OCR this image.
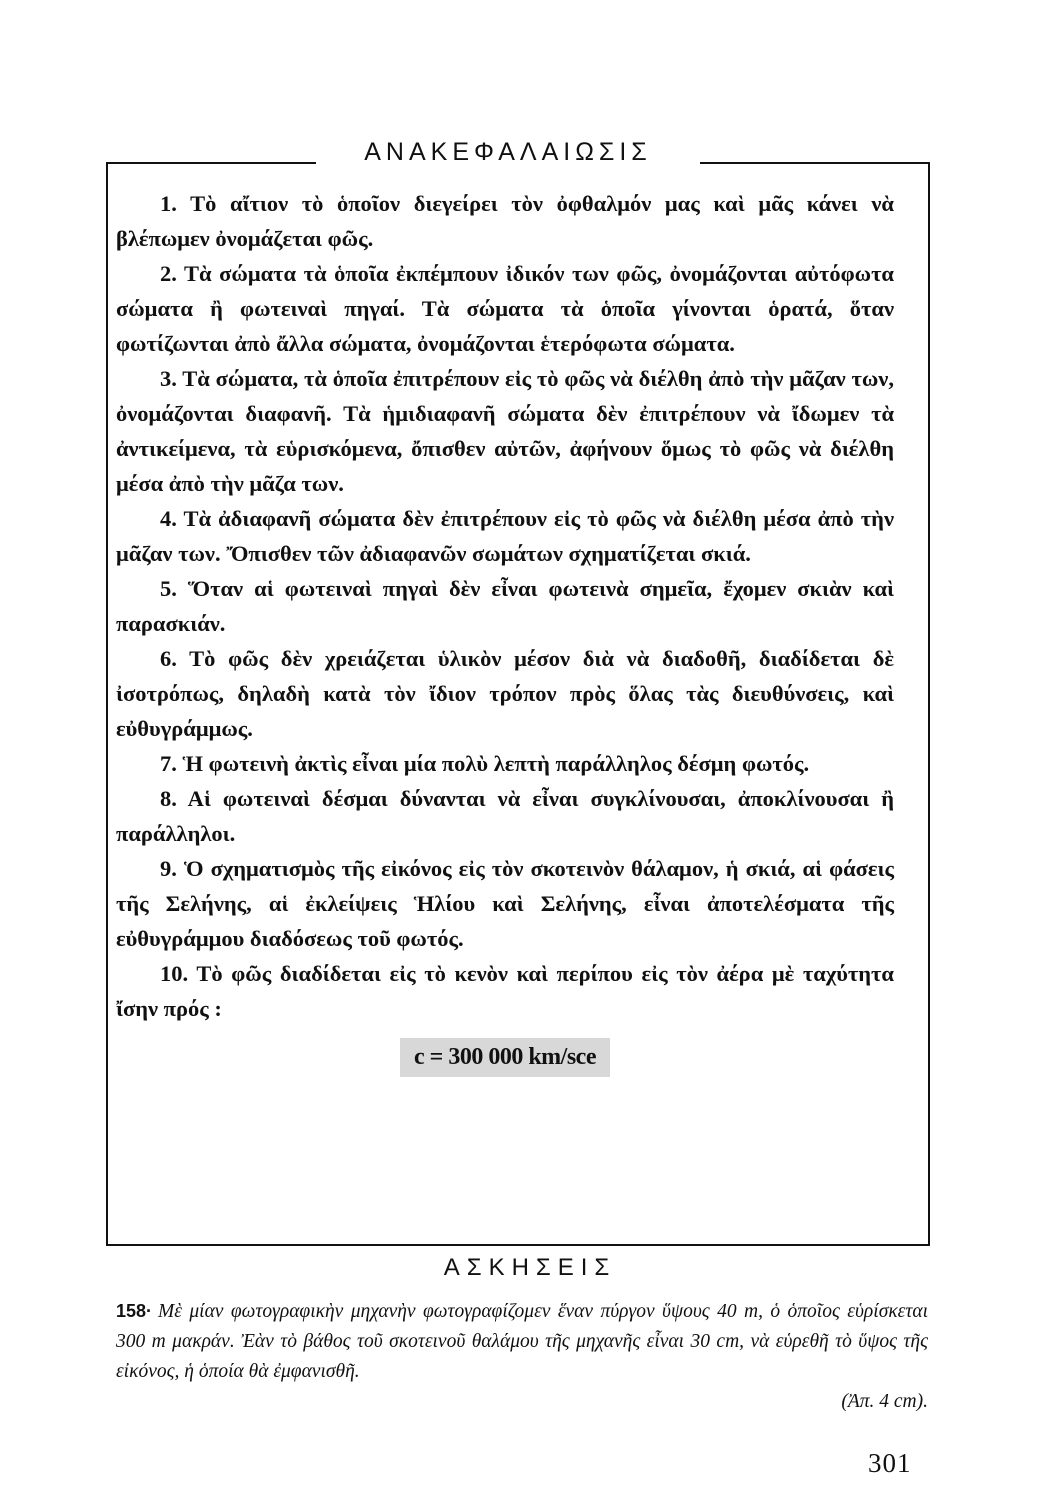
ΑΝΑΚΕΦΑΛΑΙΩΣΙΣ

1. Τὸ αἴτιον τὸ ὁποῖον διεγείρει τὸν ὀφθαλμόν μας καὶ μᾶς κάνει νὰ βλέπωμεν ὀνομάζεται φῶς.

2. Τὰ σώματα τὰ ὁποῖα ἐκπέμπουν ἰδικόν των φῶς, ὀνομάζονται αὐτόφωτα σώματα ἢ φωτειναὶ πηγαί. Τὰ σώματα τὰ ὁποῖα γίνονται ὁρατά, ὅταν φωτίζωνται ἀπὸ ἄλλα σώματα, ὀνομάζονται ἑτερόφωτα σώματα.

3. Τὰ σώματα, τὰ ὁποῖα ἐπιτρέπουν εἰς τὸ φῶς νὰ διέλθη ἀπὸ τὴν μᾶζαν των, ὀνομάζονται διαφανῆ. Τὰ ἡμιδιαφανῆ σώματα δὲν ἐπιτρέπουν νὰ ἴδωμεν τὰ ἀντικείμενα, τὰ εὑρισκόμενα, ὄπισθεν αὐτῶν, ἀφήνουν ὅμως τὸ φῶς νὰ διέλθη μέσα ἀπὸ τὴν μᾶζα των.

4. Τὰ ἀδιαφανῆ σώματα δὲν ἐπιτρέπουν εἰς τὸ φῶς νὰ διέλθη μέσα ἀπὸ τὴν μᾶζαν των. Ὄπισθεν τῶν ἀδιαφανῶν σωμάτων σχηματίζεται σκιά.

5. Ὅταν αἱ φωτειναὶ πηγαὶ δὲν εἶναι φωτεινὰ σημεῖα, ἔχομεν σκιὰν καὶ παρασκιάν.

6. Τὸ φῶς δὲν χρειάζεται ὑλικὸν μέσον διὰ νὰ διαδοθῆ, διαδίδεται δὲ ἰσοτρόπως, δηλαδὴ κατὰ τὸν ἴδιον τρόπον πρὸς ὅλας τὰς διευθύνσεις, καὶ εὐθυγράμμως.

7. Ἡ φωτεινὴ ἀκτὶς εἶναι μία πολὺ λεπτὴ παράλληλος δέσμη φωτός.

8. Αἱ φωτειναὶ δέσμαι δύνανται νὰ εἶναι συγκλίνουσαι, ἀποκλίνουσαι ἢ παράλληλοι.

9. Ὁ σχηματισμὸς τῆς εἰκόνος εἰς τὸν σκοτεινὸν θάλαμον, ἡ σκιά, αἱ φάσεις τῆς Σελήνης, αἱ ἐκλείψεις Ἡλίου καὶ Σελήνης, εἶναι ἀποτελέσματα τῆς εὐθυγράμμου διαδόσεως τοῦ φωτός.

10. Τὸ φῶς διαδίδεται εἰς τὸ κενὸν καὶ περίπου εἰς τὸν ἀέρα μὲ ταχύτητα ἴσην πρός :

c = 300 000 km/sce

ΑΣΚΗΣΕΙΣ
158· Μὲ μίαν φωτογραφικὴν μηχανὴν φωτογραφίζομεν ἕναν πύργον ὕψους 40 m, ὁ ὁποῖος εὑρίσκεται 300 m μακράν. Ἐὰν τὸ βάθος τοῦ σκοτεινοῦ θαλάμου τῆς μηχανῆς εἶναι 30 cm, νὰ εὑρεθῆ τὸ ὕψος τῆς εἰκόνος, ἡ ὁποία θὰ ἐμφανισθῆ.
(Ἀπ. 4 cm).
301
